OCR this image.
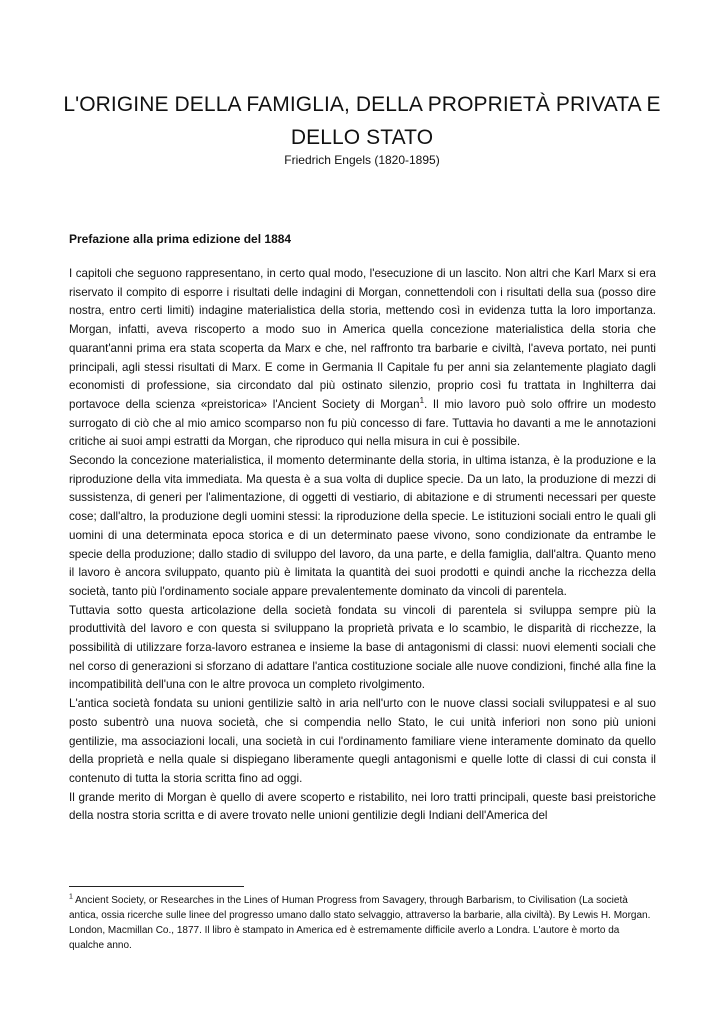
L'ORIGINE DELLA FAMIGLIA, DELLA PROPRIETÀ PRIVATA E
DELLO STATO
Friedrich Engels (1820-1895)
Prefazione alla prima edizione del 1884

I capitoli che seguono rappresentano, in certo qual modo, l'esecuzione di un lascito. Non altri che Karl Marx si era riservato il compito di esporre i risultati delle indagini di Morgan, connettendoli con i risultati della sua (posso dire nostra, entro certi limiti) indagine materialistica della storia, mettendo così in evidenza tutta la loro importanza. Morgan, infatti, aveva riscoperto a modo suo in America quella concezione materialistica della storia che quarant'anni prima era stata scoperta da Marx e che, nel raffronto tra barbarie e civiltà, l'aveva portato, nei punti principali, agli stessi risultati di Marx. E come in Germania Il Capitale fu per anni sia zelantemente plagiato dagli economisti di professione, sia circondato dal più ostinato silenzio, proprio così fu trattata in Inghilterra dai portavoce della scienza «preistorica» l'Ancient Society di Morgan$^1$. Il mio lavoro può solo offrire un modesto surrogato di ciò che al mio amico scomparso non fu più concesso di fare. Tuttavia ho davanti a me le annotazioni critiche ai suoi ampi estratti da Morgan, che riproduco qui nella misura in cui è possibile.

Secondo la concezione materialistica, il momento determinante della storia, in ultima istanza, è la produzione e la riproduzione della vita immediata. Ma questa è a sua volta di duplice specie. Da un lato, la produzione di mezzi di sussistenza, di generi per l'alimentazione, di oggetti di vestiario, di abitazione e di strumenti necessari per queste cose; dall'altro, la produzione degli uomini stessi: la riproduzione della specie. Le istituzioni sociali entro le quali gli uomini di una determinata epoca storica e di un determinato paese vivono, sono condizionate da entrambe le specie della produzione; dallo stadio di sviluppo del lavoro, da una parte, e della famiglia, dall'altra. Quanto meno il lavoro è ancora sviluppato, quanto più è limitata la quantità dei suoi prodotti e quindi anche la ricchezza della società, tanto più l'ordinamento sociale appare prevalentemente dominato da vincoli di parentela.

Tuttavia sotto questa articolazione della società fondata su vincoli di parentela si sviluppa sempre più la produttività del lavoro e con questa si sviluppano la proprietà privata e lo scambio, le disparità di ricchezze, la possibilità di utilizzare forza-lavoro estranea e insieme la base di antagonismi di classi: nuovi elementi sociali che nel corso di generazioni si sforzano di adattare l'antica costituzione sociale alle nuove condizioni, finché alla fine la incompatibilità dell'una con le altre provoca un completo rivolgimento.

L'antica società fondata su unioni gentilizie saltò in aria nell'urto con le nuove classi sociali sviluppatesi e al suo posto subentrò una nuova società, che si compendia nello Stato, le cui unità inferiori non sono più unioni gentilizie, ma associazioni locali, una società in cui l'ordinamento familiare viene interamente dominato da quello della proprietà e nella quale si dispiegano liberamente quegli antagonismi e quelle lotte di classi di cui consta il contenuto di tutta la storia scritta fino ad oggi.

Il grande merito di Morgan è quello di avere scoperto e ristabilito, nei loro tratti principali, queste basi preistoriche della nostra storia scritta e di avere trovato nelle unioni gentilizie degli Indiani dell'America del

$^1$ Ancient Society, or Researches in the Lines of Human Progress from Savagery, through Barbarism, to Civilisation (La società antica, ossia ricerche sulle linee del progresso umano dallo stato selvaggio, attraverso la barbarie, alla civiltà). By Lewis H. Morgan. London, Macmillan Co., 1877. Il libro è stampato in America ed è estremamente difficile averlo a Londra. L'autore è morto da qualche anno.
